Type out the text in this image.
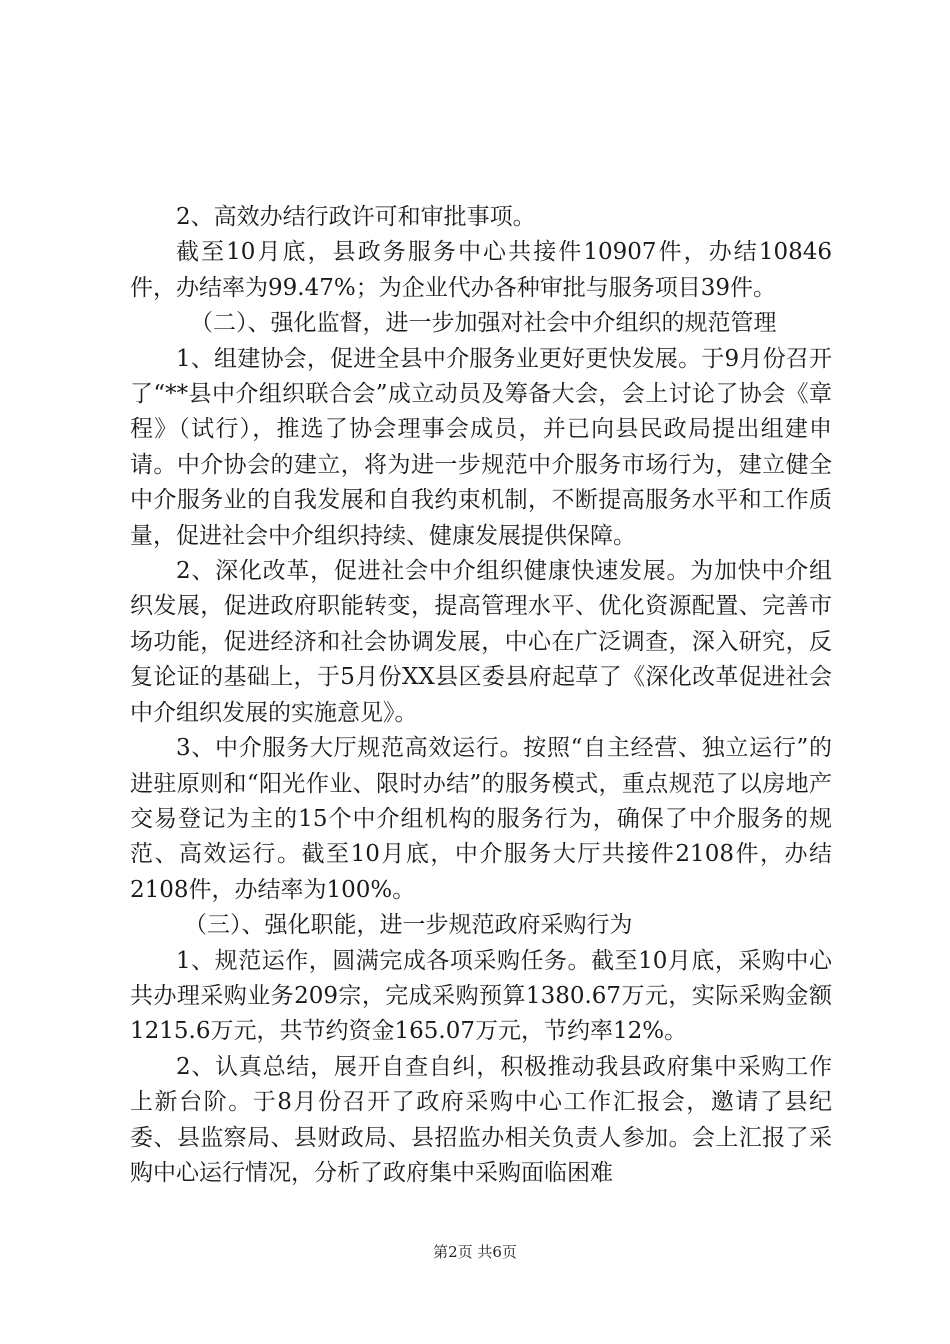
2、高效办结行政许可和审批事项。

截至10月底，县政务服务中心共接件10907件，办结10846件，办结率为99.47%；为企业代办各种审批与服务项目39件。

（二）、强化监督，进一步加强对社会中介组织的规范管理

1、组建协会，促进全县中介服务业更好更快发展。于9月份召开了“**县中介组织联合会”成立动员及筹备大会，会上讨论了协会《章程》（试行），推选了协会理事会成员，并已向县民政局提出组建申请。中介协会的建立，将为进一步规范中介服务市场行为，建立健全中介服务业的自我发展和自我约束机制，不断提高服务水平和工作质量，促进社会中介组织持续、健康发展提供保障。

2、深化改革，促进社会中介组织健康快速发展。为加快中介组织发展，促进政府职能转变，提高管理水平、优化资源配置、完善市场功能，促进经济和社会协调发展，中心在广泛调查，深入研究，反复论证的基础上，于5月份XX县区委县府起草了《深化改革促进社会中介组织发展的实施意见》。

3、中介服务大厅规范高效运行。按照“自主经营、独立运行”的进驻原则和“阳光作业、限时办结”的服务模式，重点规范了以房地产交易登记为主的15个中介组机构的服务行为，确保了中介服务的规范、高效运行。截至10月底，中介服务大厅共接件2108件，办结2108件，办结率为100%。

（三）、强化职能，进一步规范政府采购行为

1、规范运作，圆满完成各项采购任务。截至10月底，采购中心共办理采购业务209宗，完成采购预算1380.67万元，实际采购金额1215.6万元，共节约资金165.07万元，节约率12%。

2、认真总结，展开自查自纠，积极推动我县政府集中采购工作上新台阶。于8月份召开了政府采购中心工作汇报会，邀请了县纪委、县监察局、县财政局、县招监办相关负责人参加。会上汇报了采购中心运行情况，分析了政府集中采购面临困难

第2页 共6页
